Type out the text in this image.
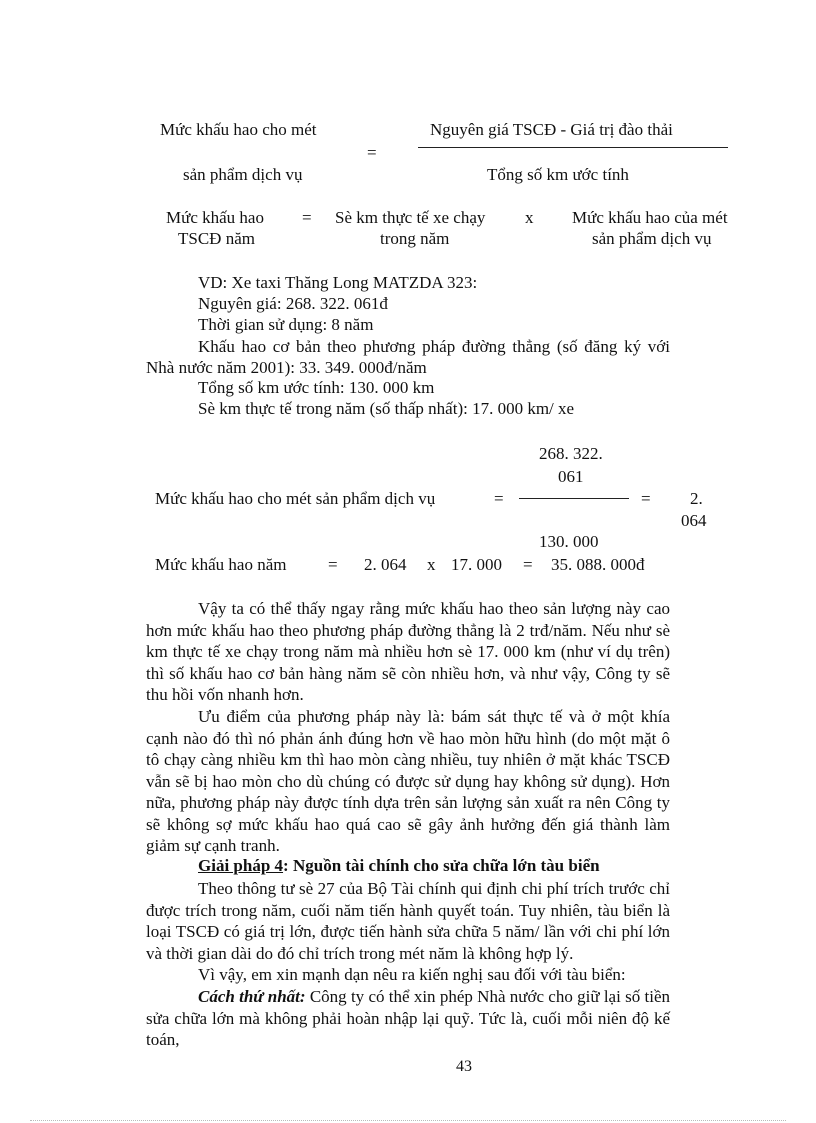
Mức khấu hao cho mét
sản phẩm dịch vụ
=
Nguyên giá TSCĐ - Giá trị đào thải
Tổng số km ước tính
Mức khấu hao
TSCĐ năm
= Sè km thực tế xe chạy
trong năm
x Mức khấu hao của mét
sản phẩm dịch vụ
VD: Xe taxi Thăng Long MATZDA 323:
Nguyên giá: 268. 322. 061đ
Thời gian sử dụng: 8 năm
Khấu hao cơ bản theo phương pháp đường thẳng (số đăng ký với Nhà nước năm 2001): 33. 349. 000đ/năm
Tổng số km ước tính: 130. 000 km
Sè km thực tế trong năm (số thấp nhất): 17. 000 km/ xe
Mức khấu hao cho mét sản phẩm dịch vụ	=
268. 322.
061
130. 000
= 2.
064
Mức khấu hao năm = 2. 064 x 17. 000 = 35. 088. 000đ
Vậy ta có thể thấy ngay rằng mức khấu hao theo sản lượng này cao hơn mức khấu hao theo phương pháp đường thẳng là 2 trđ/năm. Nếu như sè km thực tế xe chạy trong năm mà nhiều hơn sè 17. 000 km (như ví dụ trên) thì số khấu hao cơ bản hàng năm sẽ còn nhiều hơn, và như vậy, Công ty sẽ thu hồi vốn nhanh hơn.
Ưu điểm của phương pháp này là: bám sát thực tế và ở một khía cạnh nào đó thì nó phản ánh đúng hơn về hao mòn hữu hình (do một mặt ô tô chạy càng nhiều km thì hao mòn càng nhiều, tuy nhiên ở mặt khác TSCĐ vẫn sẽ bị hao mòn cho dù chúng có được sử dụng hay không sử dụng). Hơn nữa, phương pháp này được tính dựa trên sản lượng sản xuất ra nên Công ty sẽ không sợ mức khấu hao quá cao sẽ gây ảnh hưởng đến giá thành làm giảm sự cạnh tranh.
Giải pháp 4: Nguồn tài chính cho sửa chữa lớn tàu biển
Theo thông tư sè 27 của Bộ Tài chính qui định chi phí trích trước chỉ được trích trong năm, cuối năm tiến hành quyết toán. Tuy nhiên, tàu biển là loại TSCĐ có giá trị lớn, được tiến hành sửa chữa 5 năm/ lần với chi phí lớn và thời gian dài do đó chỉ trích trong mét năm là không hợp lý.
Vì vậy, em xin mạnh dạn nêu ra kiến nghị sau đối với tàu biển:
Cách thứ nhất: Công ty có thể xin phép Nhà nước cho giữ lại số tiền sửa chữa lớn mà không phải hoàn nhập lại quỹ. Tức là, cuối mỗi niên độ kế toán,
43
